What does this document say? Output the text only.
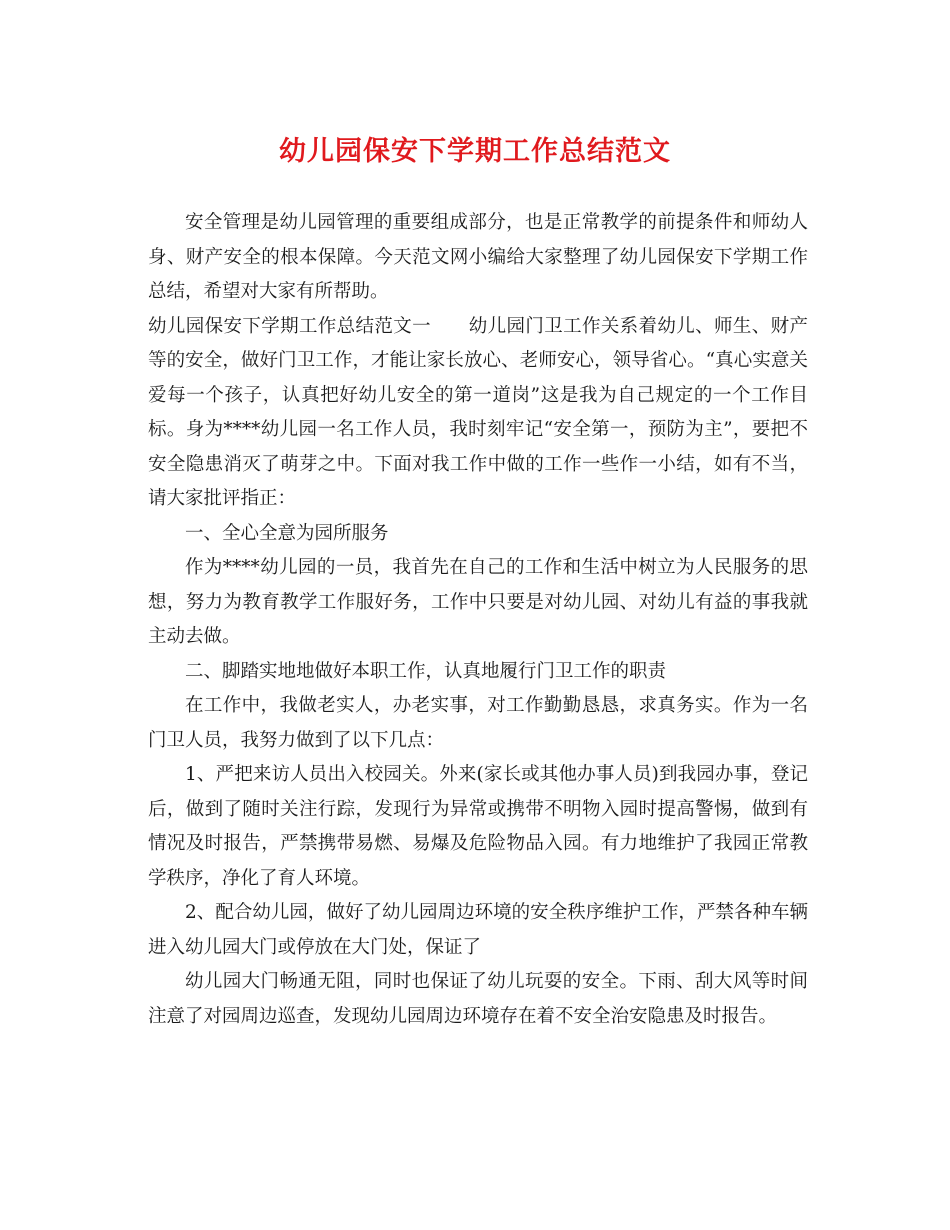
幼儿园保安下学期工作总结范文

安全管理是幼儿园管理的重要组成部分，也是正常教学的前提条件和师幼人身、财产安全的根本保障。今天范文网小编给大家整理了幼儿园保安下学期工作总结，希望对大家有所帮助。

幼儿园保安下学期工作总结范文一　　幼儿园门卫工作关系着幼儿、师生、财产等的安全，做好门卫工作，才能让家长放心、老师安心，领导省心。“真心实意关爱每一个孩子，认真把好幼儿安全的第一道岗”这是我为自己规定的一个工作目标。身为****幼儿园一名工作人员，我时刻牢记“安全第一，预防为主”，要把不安全隐患消灭了萌芽之中。下面对我工作中做的工作一些作一小结，如有不当，请大家批评指正：

一、全心全意为园所服务

作为****幼儿园的一员，我首先在自己的工作和生活中树立为人民服务的思想，努力为教育教学工作服好务，工作中只要是对幼儿园、对幼儿有益的事我就主动去做。

二、脚踏实地地做好本职工作，认真地履行门卫工作的职责

在工作中，我做老实人，办老实事，对工作勤勤恳恳，求真务实。作为一名门卫人员，我努力做到了以下几点：

1、严把来访人员出入校园关。外来(家长或其他办事人员)到我园办事，登记后，做到了随时关注行踪，发现行为异常或携带不明物入园时提高警惕，做到有情况及时报告，严禁携带易燃、易爆及危险物品入园。有力地维护了我园正常教学秩序，净化了育人环境。

2、配合幼儿园，做好了幼儿园周边环境的安全秩序维护工作，严禁各种车辆进入幼儿园大门或停放在大门处，保证了

幼儿园大门畅通无阻，同时也保证了幼儿玩耍的安全。下雨、刮大风等时间注意了对园周边巡查，发现幼儿园周边环境存在着不安全治安隐患及时报告。
